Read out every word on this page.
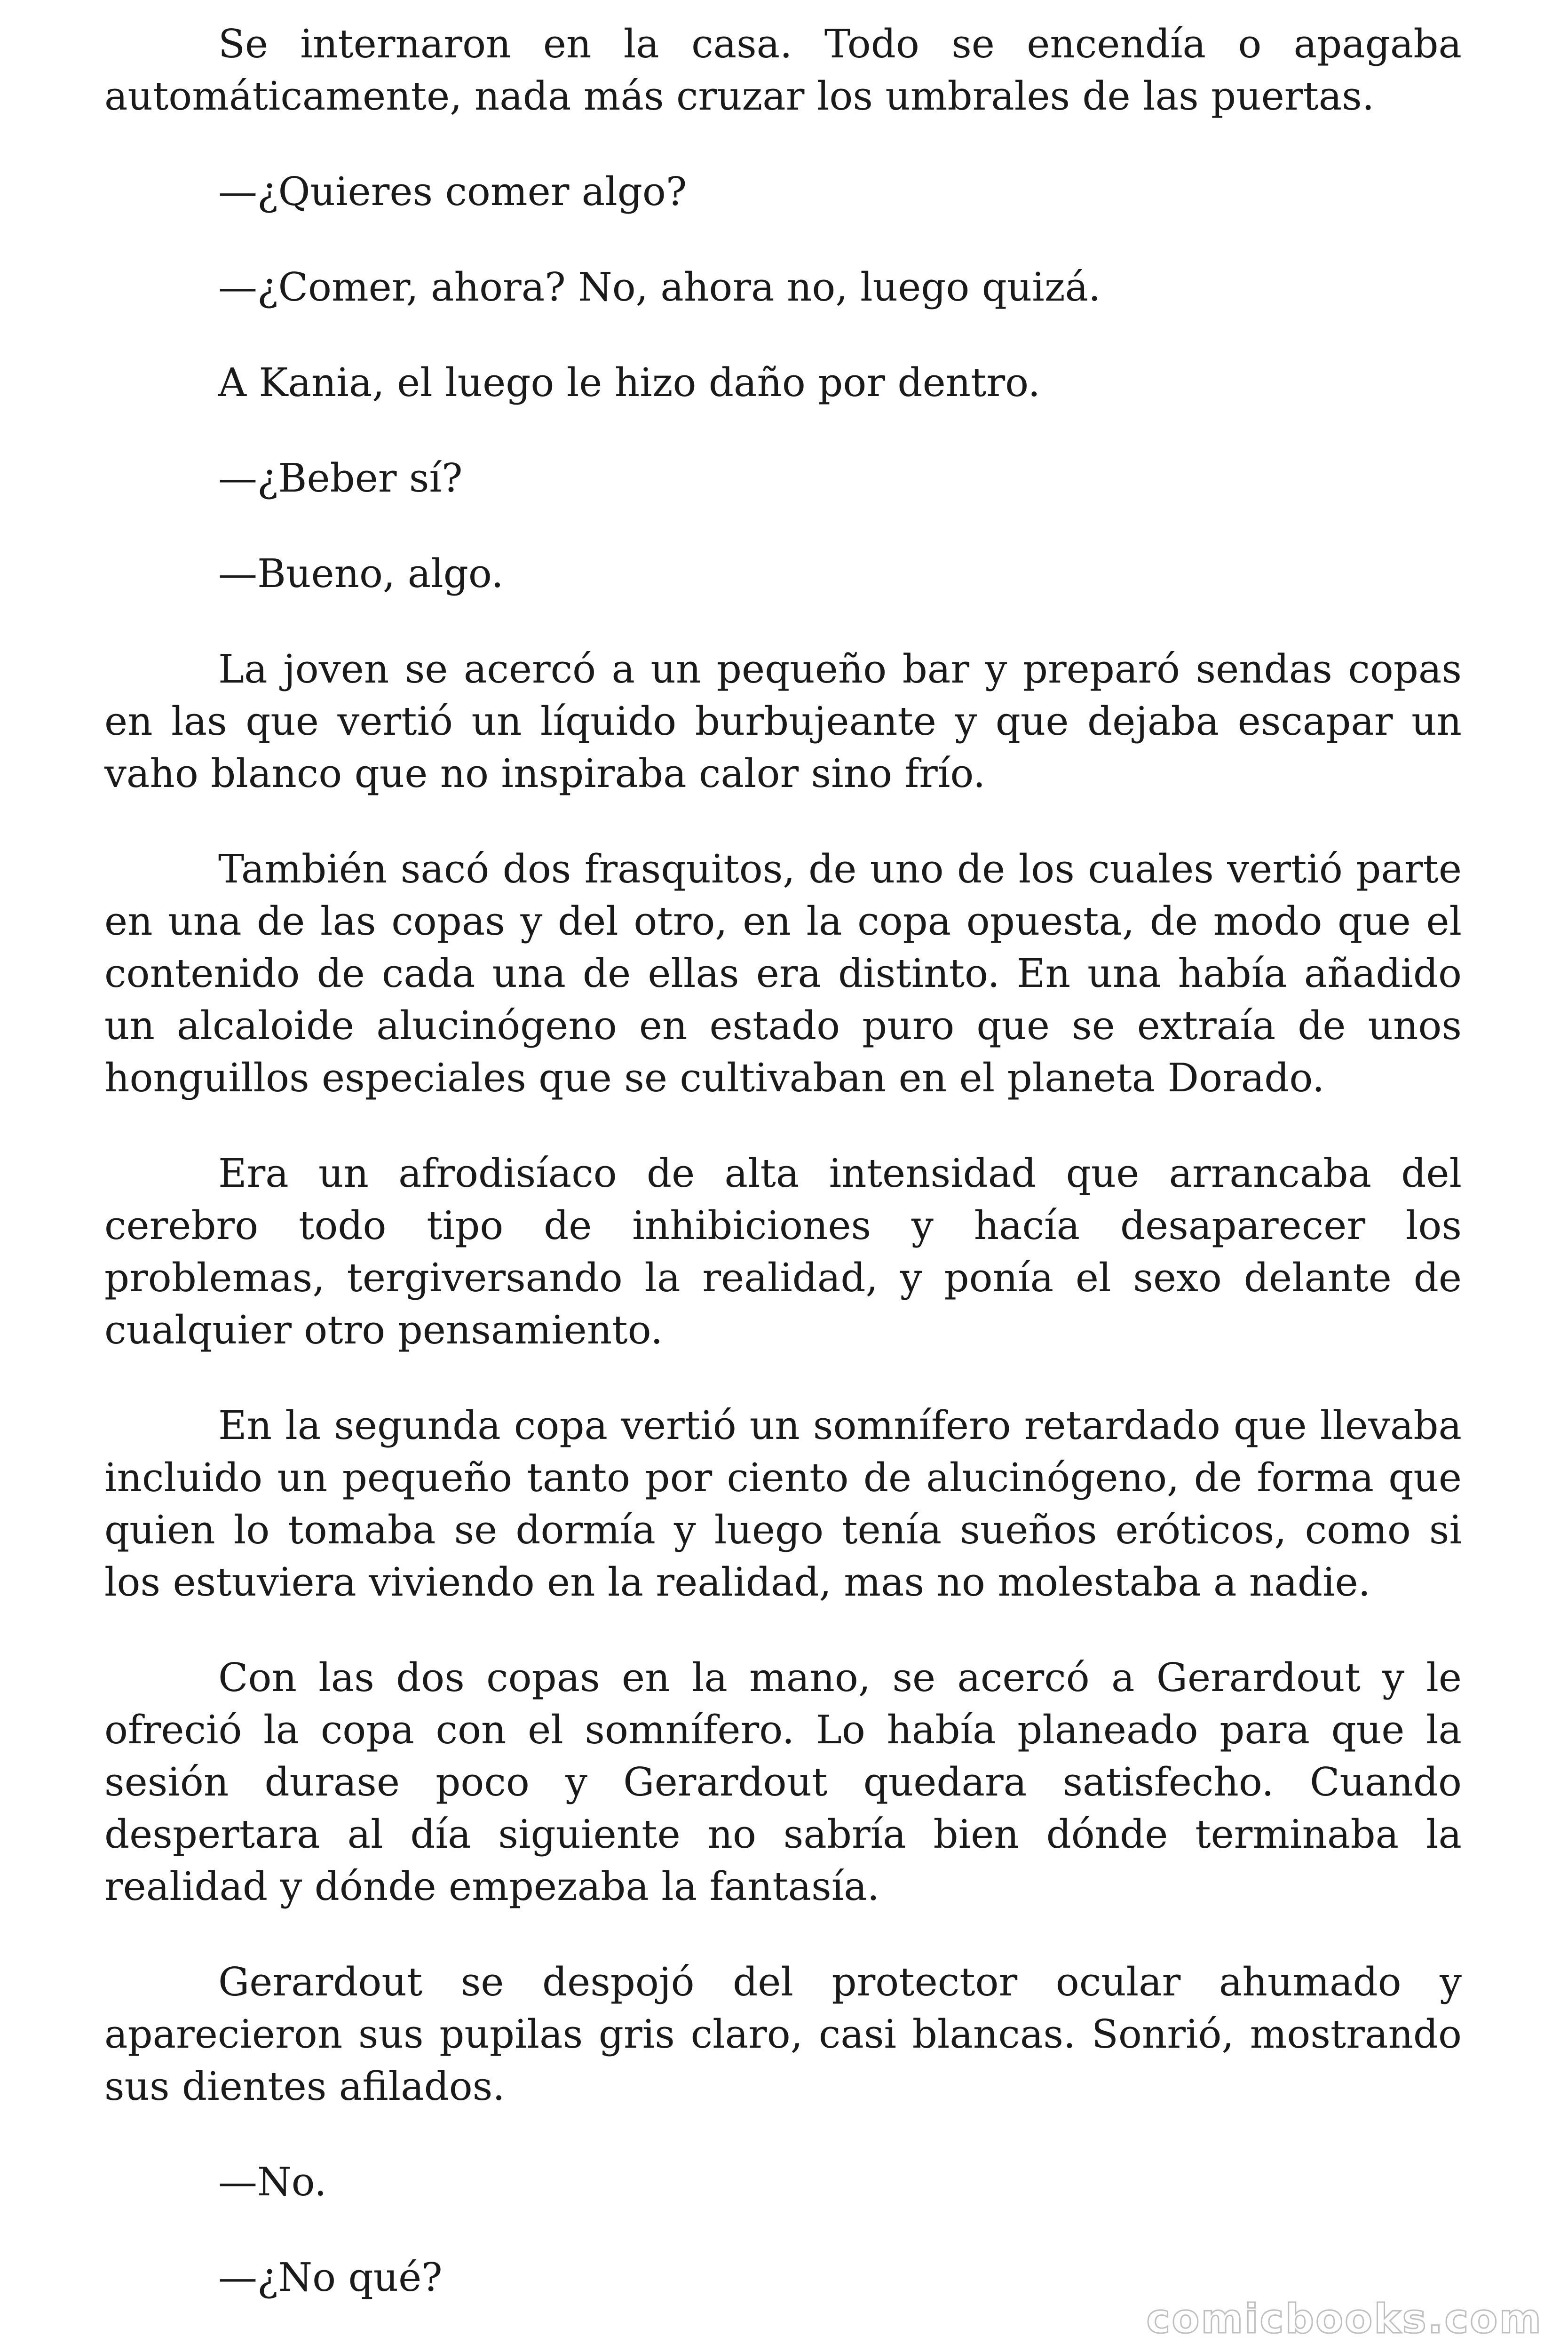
Se internaron en la casa. Todo se encendía o apagaba automáticamente, nada más cruzar los umbrales de las puertas.

—¿Quieres comer algo?

—¿Comer, ahora? No, ahora no, luego quizá.

A Kania, el luego le hizo daño por dentro.

—¿Beber sí?

—Bueno, algo.

La joven se acercó a un pequeño bar y preparó sendas copas en las que vertió un líquido burbujeante y que dejaba escapar un vaho blanco que no inspiraba calor sino frío.

También sacó dos frasquitos, de uno de los cuales vertió parte en una de las copas y del otro, en la copa opuesta, de modo que el contenido de cada una de ellas era distinto. En una había añadido un alcaloide alucinógeno en estado puro que se extraía de unos honguillos especiales que se cultivaban en el planeta Dorado.

Era un afrodisíaco de alta intensidad que arrancaba del cerebro todo tipo de inhibiciones y hacía desaparecer los problemas, tergiversando la realidad, y ponía el sexo delante de cualquier otro pensamiento.

En la segunda copa vertió un somnífero retardado que llevaba incluido un pequeño tanto por ciento de alucinógeno, de forma que quien lo tomaba se dormía y luego tenía sueños eróticos, como si los estuviera viviendo en la realidad, mas no molestaba a nadie.

Con las dos copas en la mano, se acercó a Gerardout y le ofreció la copa con el somnífero. Lo había planeado para que la sesión durase poco y Gerardout quedara satisfecho. Cuando despertara al día siguiente no sabría bien dónde terminaba la realidad y dónde empezaba la fantasía.

Gerardout se despojó del protector ocular ahumado y aparecieron sus pupilas gris claro, casi blancas. Sonrió, mostrando sus dientes afilados.

—No.

—¿No qué?

comicbooks.com
